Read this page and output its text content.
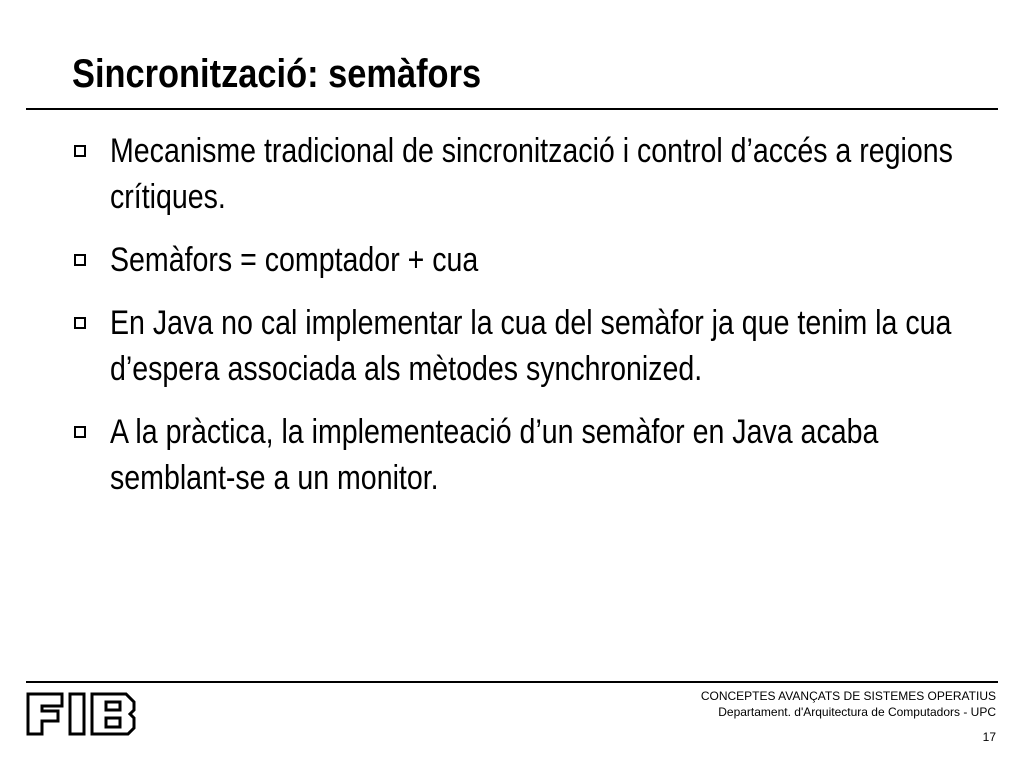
Sincronització: semàfors
Mecanisme tradicional de sincronització i control d’accés a regions crítiques.
Semàfors = comptador + cua
En Java no cal implementar la cua del semàfor ja que tenim la cua d’espera associada als mètodes synchronized.
A la pràctica, la implementeació d’un semàfor en Java acaba semblant-se a un monitor.
CONCEPTES AVANÇATS DE SISTEMES OPERATIUS
Departament. d'Arquitectura de Computadors - UPC
17
